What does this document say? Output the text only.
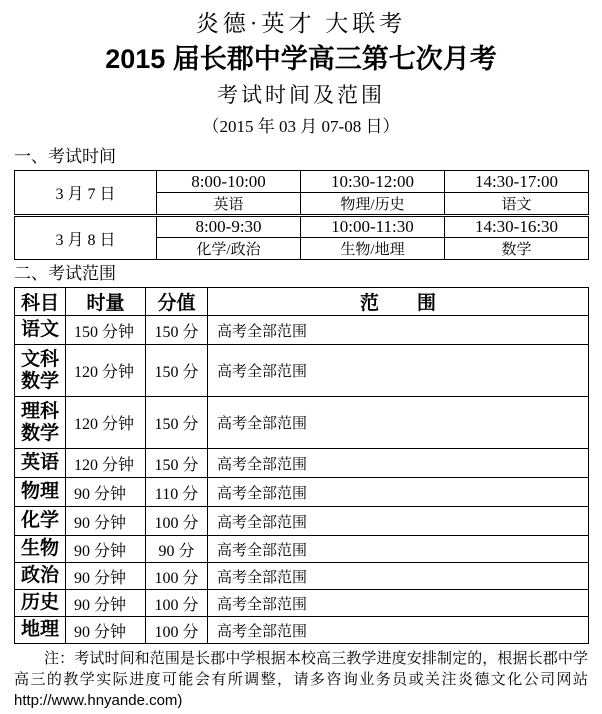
炎德·英才 大联考
2015 届长郡中学高三第七次月考
考试时间及范围
（2015 年 03 月 07-08 日）
一、考试时间
3 月 7 日	8:00-10:00	10:30-12:00	14:30-17:00
	英语	物理/历史	语文
3 月 8 日	8:00-9:30	10:00-11:30	14:30-16:30
	化学/政治	生物/地理	数学
二、考试范围
科目	时量	分值	范　　围
语文	150 分钟	150 分	高考全部范围
文科数学	120 分钟	150 分	高考全部范围
理科数学	120 分钟	150 分	高考全部范围
英语	120 分钟	150 分	高考全部范围
物理	90 分钟	110 分	高考全部范围
化学	90 分钟	100 分	高考全部范围
生物	90 分钟	90 分	高考全部范围
政治	90 分钟	100 分	高考全部范围
历史	90 分钟	100 分	高考全部范围
地理	90 分钟	100 分	高考全部范围
注：考试时间和范围是长郡中学根据本校高三教学进度安排制定的，根据长郡中学高三的教学实际进度可能会有所调整，请多咨询业务员或关注炎德文化公司网站 http://www.hnyande.com)
